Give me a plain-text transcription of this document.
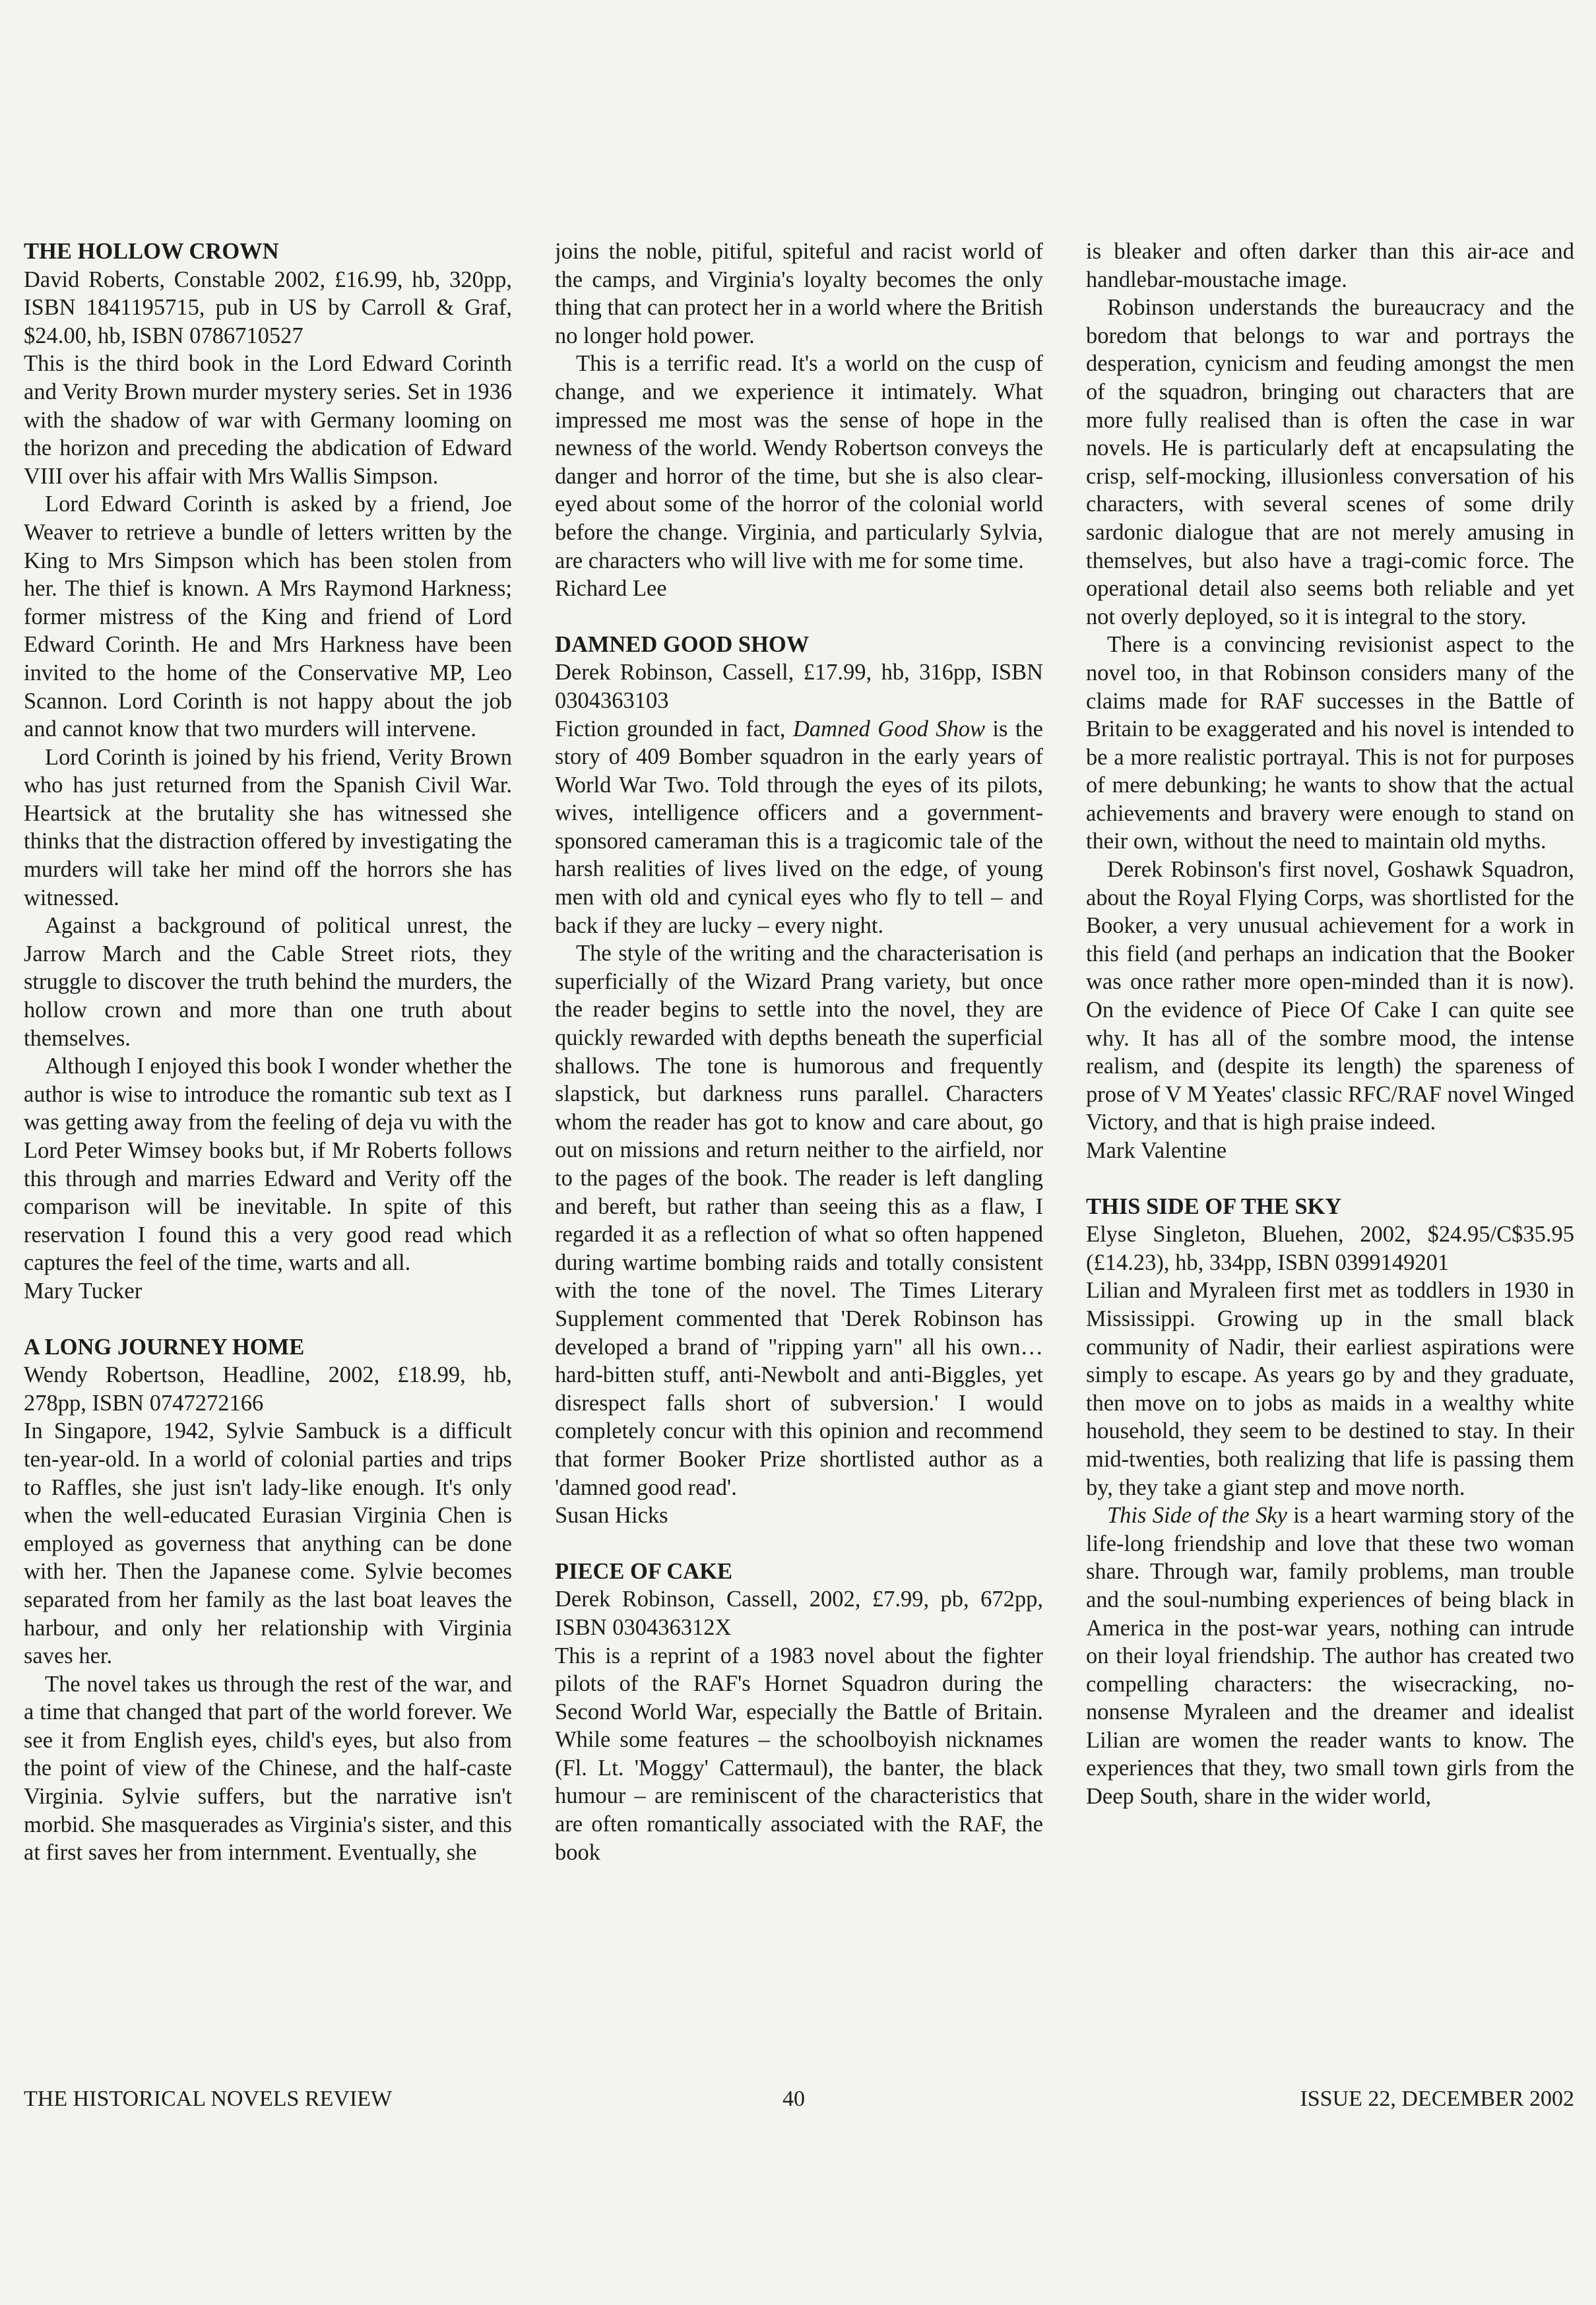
THE HOLLOW CROWN

David Roberts, Constable 2002, £16.99, hb, 320pp, ISBN 1841195715, pub in US by Carroll & Graf, $24.00, hb, ISBN 0786710527

This is the third book in the Lord Edward Corinth and Verity Brown murder mystery series. Set in 1936 with the shadow of war with Germany looming on the horizon and preceding the abdication of Edward VIII over his affair with Mrs Wallis Simpson.

Lord Edward Corinth is asked by a friend, Joe Weaver to retrieve a bundle of letters written by the King to Mrs Simpson which has been stolen from her. The thief is known. A Mrs Raymond Harkness; former mistress of the King and friend of Lord Edward Corinth. He and Mrs Harkness have been invited to the home of the Conservative MP, Leo Scannon. Lord Corinth is not happy about the job and cannot know that two murders will intervene.

Lord Corinth is joined by his friend, Verity Brown who has just returned from the Spanish Civil War. Heartsick at the brutality she has witnessed she thinks that the distraction offered by investigating the murders will take her mind off the horrors she has witnessed.

Against a background of political unrest, the Jarrow March and the Cable Street riots, they struggle to discover the truth behind the murders, the hollow crown and more than one truth about themselves.

Although I enjoyed this book I wonder whether the author is wise to introduce the romantic sub text as I was getting away from the feeling of deja vu with the Lord Peter Wimsey books but, if Mr Roberts follows this through and marries Edward and Verity off the comparison will be inevitable. In spite of this reservation I found this a very good read which captures the feel of the time, warts and all.

Mary Tucker

A LONG JOURNEY HOME

Wendy Robertson, Headline, 2002, £18.99, hb, 278pp, ISBN 0747272166

In Singapore, 1942, Sylvie Sambuck is a difficult ten-year-old. In a world of colonial parties and trips to Raffles, she just isn't lady-like enough. It's only when the well-educated Eurasian Virginia Chen is employed as governess that anything can be done with her. Then the Japanese come. Sylvie becomes separated from her family as the last boat leaves the harbour, and only her relationship with Virginia saves her.

The novel takes us through the rest of the war, and a time that changed that part of the world forever. We see it from English eyes, child's eyes, but also from the point of view of the Chinese, and the half-caste Virginia. Sylvie suffers, but the narrative isn't morbid. She masquerades as Virginia's sister, and this at first saves her from internment. Eventually, she

joins the noble, pitiful, spiteful and racist world of the camps, and Virginia's loyalty becomes the only thing that can protect her in a world where the British no longer hold power.

This is a terrific read. It's a world on the cusp of change, and we experience it intimately. What impressed me most was the sense of hope in the newness of the world. Wendy Robertson conveys the danger and horror of the time, but she is also clear-eyed about some of the horror of the colonial world before the change. Virginia, and particularly Sylvia, are characters who will live with me for some time.

Richard Lee

DAMNED GOOD SHOW

Derek Robinson, Cassell, £17.99, hb, 316pp, ISBN 0304363103

Fiction grounded in fact, Damned Good Show is the story of 409 Bomber squadron in the early years of World War Two. Told through the eyes of its pilots, wives, intelligence officers and a government-sponsored cameraman this is a tragicomic tale of the harsh realities of lives lived on the edge, of young men with old and cynical eyes who fly to tell – and back if they are lucky – every night.

The style of the writing and the characterisation is superficially of the Wizard Prang variety, but once the reader begins to settle into the novel, they are quickly rewarded with depths beneath the superficial shallows. The tone is humorous and frequently slapstick, but darkness runs parallel. Characters whom the reader has got to know and care about, go out on missions and return neither to the airfield, nor to the pages of the book. The reader is left dangling and bereft, but rather than seeing this as a flaw, I regarded it as a reflection of what so often happened during wartime bombing raids and totally consistent with the tone of the novel. The Times Literary Supplement commented that 'Derek Robinson has developed a brand of "ripping yarn" all his own…hard-bitten stuff, anti-Newbolt and anti-Biggles, yet disrespect falls short of subversion.' I would completely concur with this opinion and recommend that former Booker Prize shortlisted author as a 'damned good read'.

Susan Hicks

PIECE OF CAKE

Derek Robinson, Cassell, 2002, £7.99, pb, 672pp, ISBN 030436312X

This is a reprint of a 1983 novel about the fighter pilots of the RAF's Hornet Squadron during the Second World War, especially the Battle of Britain. While some features – the schoolboyish nicknames (Fl. Lt. 'Moggy' Cattermaul), the banter, the black humour – are reminiscent of the characteristics that are often romantically associated with the RAF, the book

is bleaker and often darker than this air-ace and handlebar-moustache image.

Robinson understands the bureaucracy and the boredom that belongs to war and portrays the desperation, cynicism and feuding amongst the men of the squadron, bringing out characters that are more fully realised than is often the case in war novels. He is particularly deft at encapsulating the crisp, self-mocking, illusionless conversation of his characters, with several scenes of some drily sardonic dialogue that are not merely amusing in themselves, but also have a tragi-comic force. The operational detail also seems both reliable and yet not overly deployed, so it is integral to the story.

There is a convincing revisionist aspect to the novel too, in that Robinson considers many of the claims made for RAF successes in the Battle of Britain to be exaggerated and his novel is intended to be a more realistic portrayal. This is not for purposes of mere debunking; he wants to show that the actual achievements and bravery were enough to stand on their own, without the need to maintain old myths.

Derek Robinson's first novel, Goshawk Squadron, about the Royal Flying Corps, was shortlisted for the Booker, a very unusual achievement for a work in this field (and perhaps an indication that the Booker was once rather more open-minded than it is now). On the evidence of Piece Of Cake I can quite see why. It has all of the sombre mood, the intense realism, and (despite its length) the spareness of prose of V M Yeates' classic RFC/RAF novel Winged Victory, and that is high praise indeed.

Mark Valentine

THIS SIDE OF THE SKY

Elyse Singleton, Bluehen, 2002, $24.95/C$35.95 (£14.23), hb, 334pp, ISBN 0399149201

Lilian and Myraleen first met as toddlers in 1930 in Mississippi. Growing up in the small black community of Nadir, their earliest aspirations were simply to escape. As years go by and they graduate, then move on to jobs as maids in a wealthy white household, they seem to be destined to stay. In their mid-twenties, both realizing that life is passing them by, they take a giant step and move north.

This Side of the Sky is a heart warming story of the life-long friendship and love that these two woman share. Through war, family problems, man trouble and the soul-numbing experiences of being black in America in the post-war years, nothing can intrude on their loyal friendship. The author has created two compelling characters: the wisecracking, no-nonsense Myraleen and the dreamer and idealist Lilian are women the reader wants to know. The experiences that they, two small town girls from the Deep South, share in the wider world,

THE HISTORICAL NOVELS REVIEW	40	ISSUE 22, DECEMBER 2002
